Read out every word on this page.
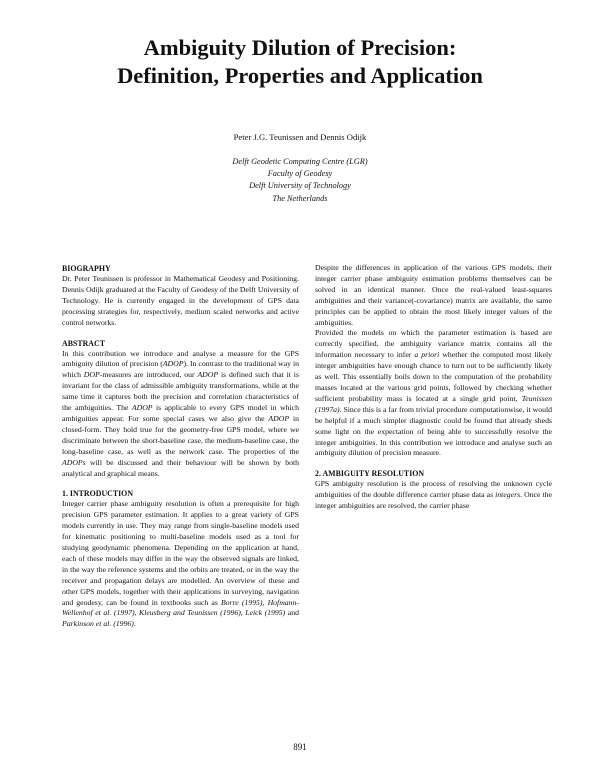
Ambiguity Dilution of Precision:
Definition, Properties and Application
Peter J.G. Teunissen and Dennis Odijk
Delft Geodetic Computing Centre (LGR)
Faculty of Geodesy
Delft University of Technology
The Netherlands
BIOGRAPHY

Dr. Peter Teunissen is professor in Mathematical Geodesy and Positioning. Dennis Odijk graduated at the Faculty of Geodesy of the Delft University of Technology. He is currently engaged in the development of GPS data processing strategies for, respectively, medium scaled networks and active control networks.

ABSTRACT

In this contribution we introduce and analyse a measure for the GPS ambiguity dilution of precision (ADOP). In contrast to the traditional way in which DOP-measures are introduced, our ADOP is defined such that it is invariant for the class of admissible ambiguity transformations, while at the same time it captures both the precision and correlation characteristics of the ambiguities. The ADOP is applicable to every GPS model in which ambiguities appear. For some special cases we also give the ADOP in closed-form. They hold true for the geometry-free GPS model, where we discriminate between the short-baseline case, the medium-baseline case, the long-baseline case, as well as the network case. The properties of the ADOPs will be discussed and their behaviour will be shown by both analytical and graphical means.

1. INTRODUCTION

Integer carrier phase ambiguity resolution is often a prerequisite for high precision GPS parameter estimation. It applies to a great variety of GPS models currently in use. They may range from single-baseline models used for kinematic positioning to multi-baseline models used as a tool for studying geodynamic phenomena. Depending on the application at hand, each of these models may differ in the way the observed signals are linked, in the way the reference systems and the orbits are treated, or in the way the receiver and propagation delays are modelled. An overview of these and other GPS models, together with their applications in surveying, navigation and geodesy, can be found in textbooks such as Borre (1995), Hofmann-Wellenhof et al. (1997), Kleusberg and Teunissen (1996), Leick (1995) and Parkinson et al. (1996).

Despite the differences in application of the various GPS models, their integer carrier phase ambiguity estimation problems themselves can be solved in an identical manner. Once the real-valued least-squares ambiguities and their variance(-covariance) matrix are available, the same principles can be applied to obtain the most likely integer values of the ambiguities.

Provided the models on which the parameter estimation is based are correctly specified, the ambiguity variance matrix contains all the information necessary to infer a priori whether the computed most likely integer ambiguities have enough chance to turn out to be sufficiently likely as well. This essentially boils down to the computation of the probability masses located at the various grid points, followed by checking whether sufficient probability mass is located at a single grid point, Teunissen (1997a). Since this is a far from trivial procedure computationwise, it would be helpful if a much simpler diagnostic could be found that already sheds some light on the expectation of being able to successfully resolve the integer ambiguities. In this contribution we introduce and analyse such an ambiguity dilution of precision measure.

2. AMBIGUITY RESOLUTION

GPS ambiguity resolution is the process of resolving the unknown cycle ambiguities of the double difference carrier phase data as integers. Once the integer ambiguities are resolved, the carrier phase

891
